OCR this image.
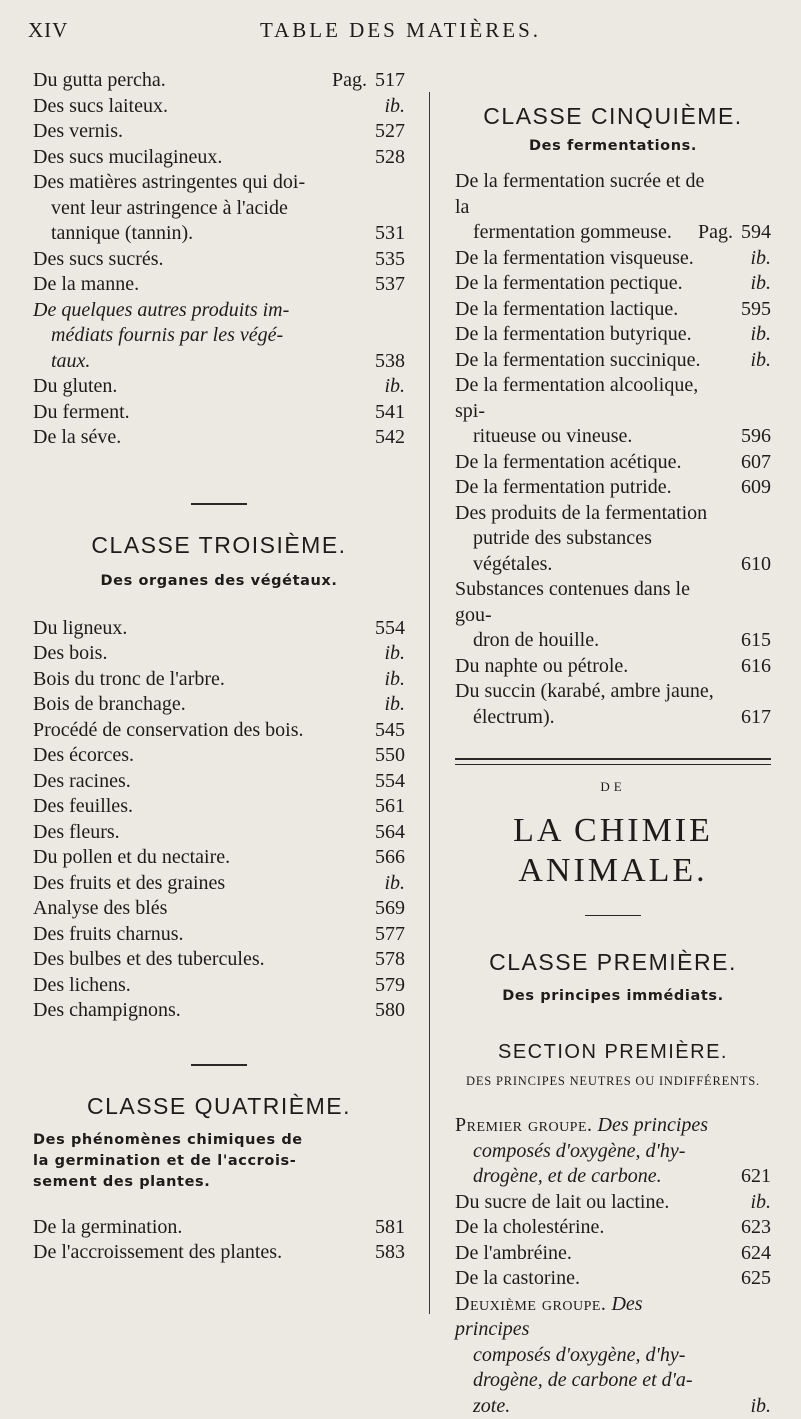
XIV	TABLE DES MATIÈRES.
Du gutta percha.	Pag. 517
Des sucs laiteux.	ib.
Des vernis.	527
Des sucs mucilagineux.	528
Des matières astringentes qui doi-
vent leur astringence à l'acide
tannique (tannin).	531
Des sucs sucrés.	535
De la manne.	537
De quelques autres produits im-
médiats fournis par les végé-
taux.	538
Du gluten.	ib.
Du ferment.	541
De la séve.	542
CLASSE TROISIÈME.
Des organes des végétaux.
Du ligneux.	554
Des bois.	ib.
Bois du tronc de l'arbre.	ib.
Bois de branchage.	ib.
Procédé de conservation des bois.	545
Des écorces.	550
Des racines.	554
Des feuilles.	561
Des fleurs.	564
Du pollen et du nectaire.	566
Des fruits et des graines	ib.
Analyse des blés	569
Des fruits charnus.	577
Des bulbes et des tubercules.	578
Des lichens.	579
Des champignons.	580
CLASSE QUATRIÈME.
Des phénomènes chimiques de
la germination et de l'accrois-
sement des plantes.
De la germination.	581
De l'accroissement des plantes.	583
CLASSE CINQUIÈME.
Des fermentations.
De la fermentation sucrée et de la
fermentation gommeuse.	Pag. 594
De la fermentation visqueuse.	ib.
De la fermentation pectique.	ib.
De la fermentation lactique.	595
De la fermentation butyrique.	ib.
De la fermentation succinique.	ib.
De la fermentation alcoolique, spi-
ritueuse ou vineuse.	596
De la fermentation acétique.	607
De la fermentation putride.	609
Des produits de la fermentation
putride des substances végétales.	610
Substances contenues dans le gou-
dron de houille.	615
Du naphte ou pétrole.	616
Du succin (karabé, ambre jaune,
électrum).	617
DE
LA CHIMIE ANIMALE.
CLASSE PREMIÈRE.
Des principes immédiats.
SECTION PREMIÈRE.
DES PRINCIPES NEUTRES OU INDIFFÉRENTS.
Premier groupe. Des principes
composés d'oxygène, d'hy-
drogène, et de carbone.	621
Du sucre de lait ou lactine.	ib.
De la cholestérine.	623
De l'ambréine.	624
De la castorine.	625
Deuxième groupe. Des principes
composés d'oxygène, d'hy-
drogène, de carbone et d'a-
zote.	ib.
